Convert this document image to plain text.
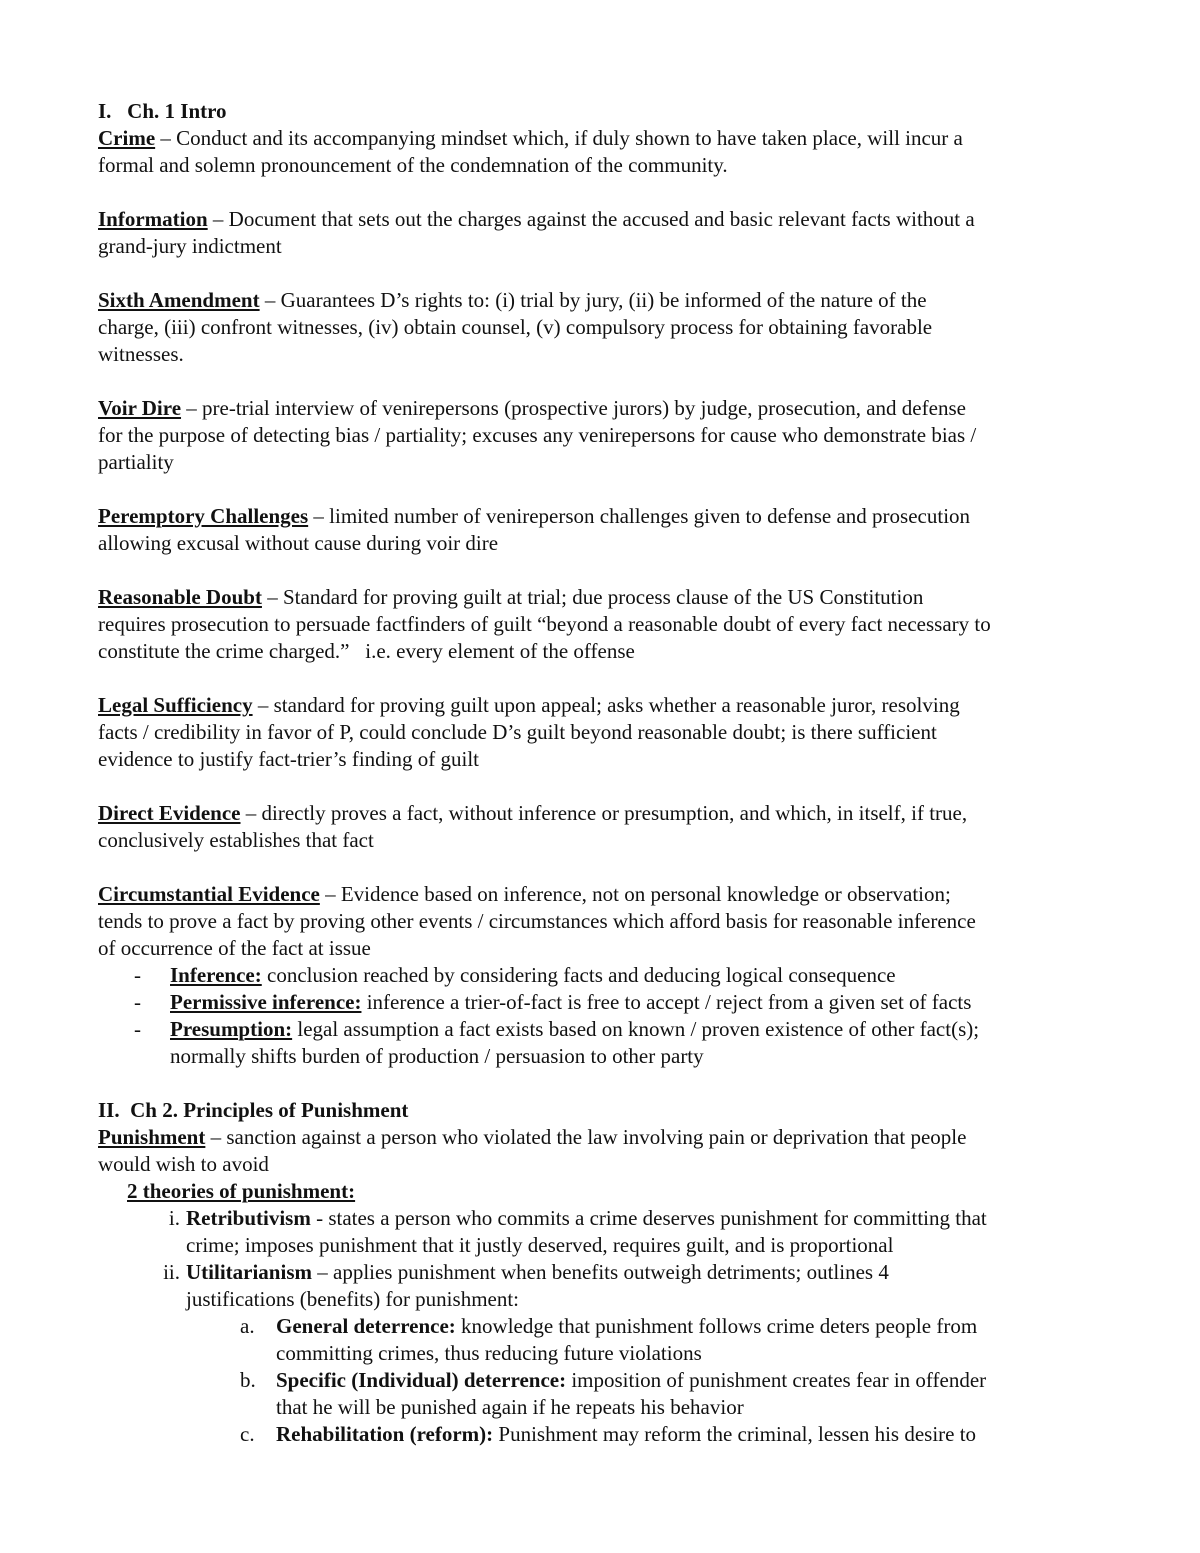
I.   Ch. 1 Intro
Crime – Conduct and its accompanying mindset which, if duly shown to have taken place, will incur a
formal and solemn pronouncement of the condemnation of the community.
Information – Document that sets out the charges against the accused and basic relevant facts without a
grand-jury indictment
Sixth Amendment – Guarantees D’s rights to: (i) trial by jury, (ii) be informed of the nature of the
charge, (iii) confront witnesses, (iv) obtain counsel, (v) compulsory process for obtaining favorable
witnesses.
Voir Dire – pre-trial interview of venirepersons (prospective jurors) by judge, prosecution, and defense
for the purpose of detecting bias / partiality; excuses any venirepersons for cause who demonstrate bias /
partiality
Peremptory Challenges – limited number of venireperson challenges given to defense and prosecution
allowing excusal without cause during voir dire
Reasonable Doubt – Standard for proving guilt at trial; due process clause of the US Constitution
requires prosecution to persuade factfinders of guilt “beyond a reasonable doubt of every fact necessary to
constitute the crime charged.”   i.e. every element of the offense
Legal Sufficiency – standard for proving guilt upon appeal; asks whether a reasonable juror, resolving
facts / credibility in favor of P, could conclude D’s guilt beyond reasonable doubt; is there sufficient
evidence to justify fact-trier’s finding of guilt
Direct Evidence – directly proves a fact, without inference or presumption, and which, in itself, if true,
conclusively establishes that fact
Circumstantial Evidence – Evidence based on inference, not on personal knowledge or observation;
tends to prove a fact by proving other events / circumstances which afford basis for reasonable inference
of occurrence of the fact at issue
- Inference: conclusion reached by considering facts and deducing logical consequence
- Permissive inference: inference a trier-of-fact is free to accept / reject from a given set of facts
- Presumption: legal assumption a fact exists based on known / proven existence of other fact(s);
normally shifts burden of production / persuasion to other party
II.  Ch 2. Principles of Punishment
Punishment – sanction against a person who violated the law involving pain or deprivation that people
would wish to avoid
2 theories of punishment:
i. Retributivism - states a person who commits a crime deserves punishment for committing that
crime; imposes punishment that it justly deserved, requires guilt, and is proportional
ii. Utilitarianism – applies punishment when benefits outweigh detriments; outlines 4
justifications (benefits) for punishment:
a. General deterrence: knowledge that punishment follows crime deters people from
committing crimes, thus reducing future violations
b. Specific (Individual) deterrence: imposition of punishment creates fear in offender
that he will be punished again if he repeats his behavior
c. Rehabilitation (reform): Punishment may reform the criminal, lessen his desire to
